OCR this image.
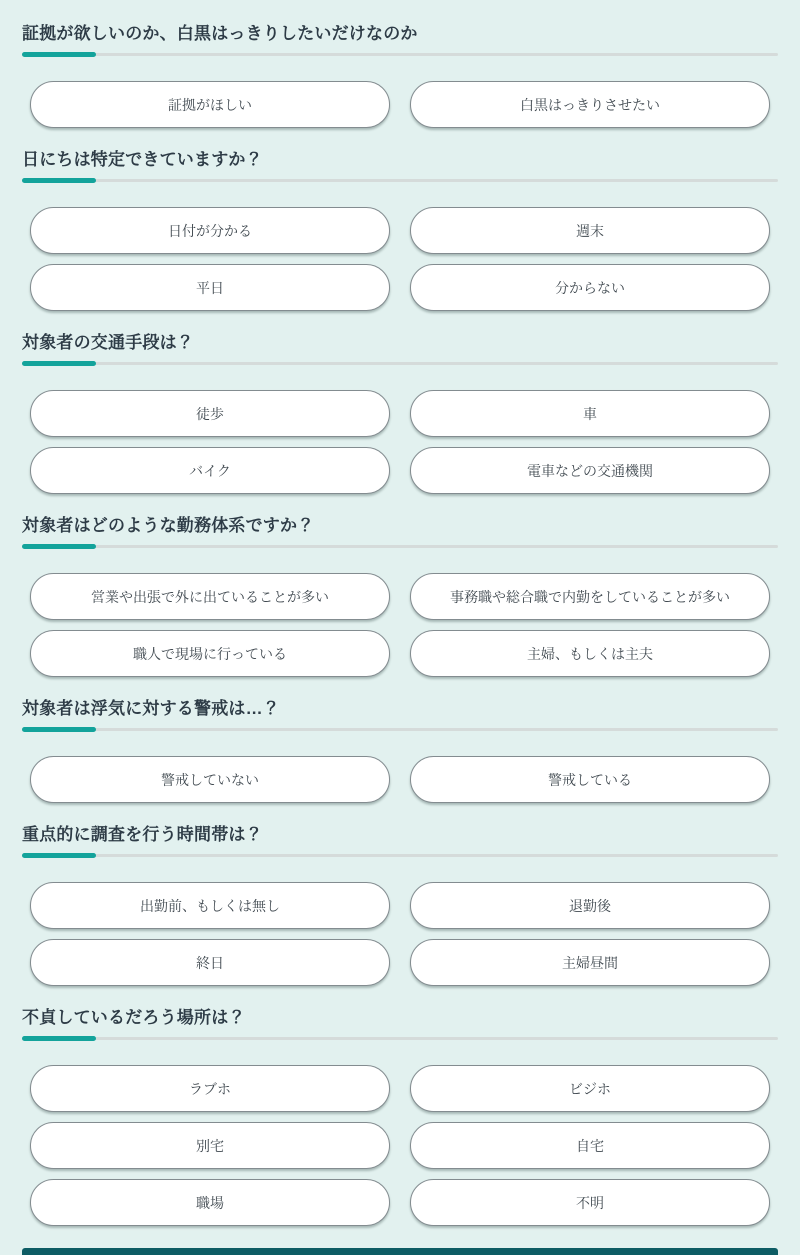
証拠が欲しいのか、白黒はっきりしたいだけなのか
証拠がほしい	白黒はっきりさせたい
日にちは特定できていますか？
日付が分かる	週末
平日	分からない
対象者の交通手段は？
徒歩	車
バイク	電車などの交通機関
対象者はどのような勤務体系ですか？
営業や出張で外に出ていることが多い	事務職や総合職で内勤をしていることが多い
職人で現場に行っている	主婦、もしくは主夫
対象者は浮気に対する警戒は…？
警戒していない	警戒している
重点的に調査を行う時間帯は？
出勤前、もしくは無し	退勤後
終日	主婦昼間
不貞しているだろう場所は？
ラブホ	ビジホ
別宅	自宅
職場	不明
